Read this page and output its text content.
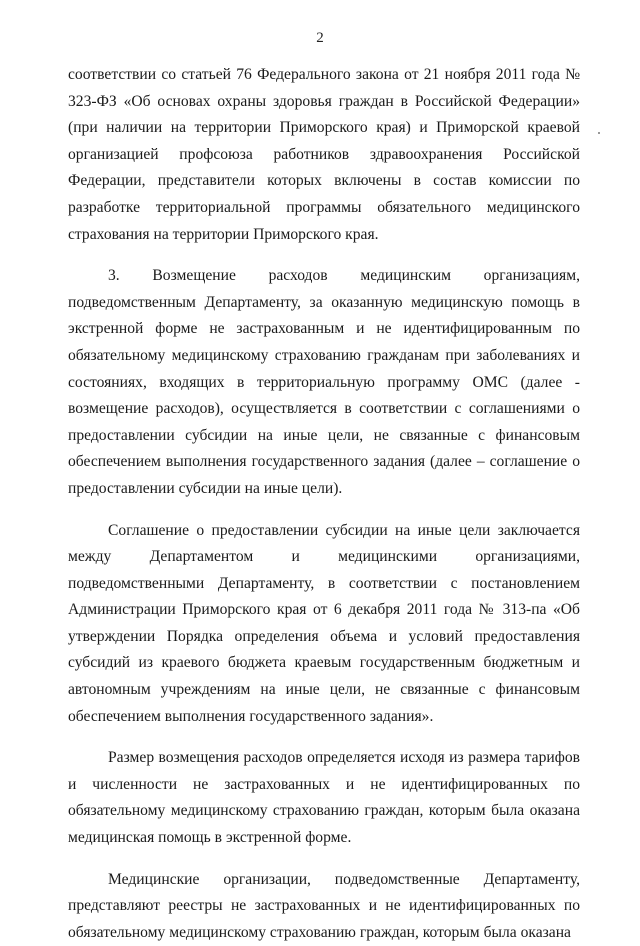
2

соответствии со статьей 76 Федерального закона от 21 ноября 2011 года № 323-ФЗ «Об основах охраны здоровья граждан в Российской Федерации» (при наличии на территории Приморского края) и Приморской краевой организацией профсоюза работников здравоохранения Российской Федерации, представители которых включены в состав комиссии по разработке территориальной программы обязательного медицинского страхования на территории Приморского края.

3. Возмещение расходов медицинским организациям, подведомственным Департаменту, за оказанную медицинскую помощь в экстренной форме не застрахованным и не идентифицированным по обязательному медицинскому страхованию гражданам при заболеваниях и состояниях, входящих в территориальную программу ОМС (далее - возмещение расходов), осуществляется в соответствии с соглашениями о предоставлении субсидии на иные цели, не связанные с финансовым обеспечением выполнения государственного задания (далее – соглашение о предоставлении субсидии на иные цели).

Соглашение о предоставлении субсидии на иные цели заключается между Департаментом и медицинскими организациями, подведомственными Департаменту, в соответствии с постановлением Администрации Приморского края от 6 декабря 2011 года № 313-па «Об утверждении Порядка определения объема и условий предоставления субсидий из краевого бюджета краевым государственным бюджетным и автономным учреждениям на иные цели, не связанные с финансовым обеспечением выполнения государственного задания».

Размер возмещения расходов определяется исходя из размера тарифов и численности не застрахованных и не идентифицированных по обязательному медицинскому страхованию граждан, которым была оказана медицинская помощь в экстренной форме.

Медицинские организации, подведомственные Департаменту, представляют реестры не застрахованных и не идентифицированных по обязательному медицинскому страхованию граждан, которым была оказана
